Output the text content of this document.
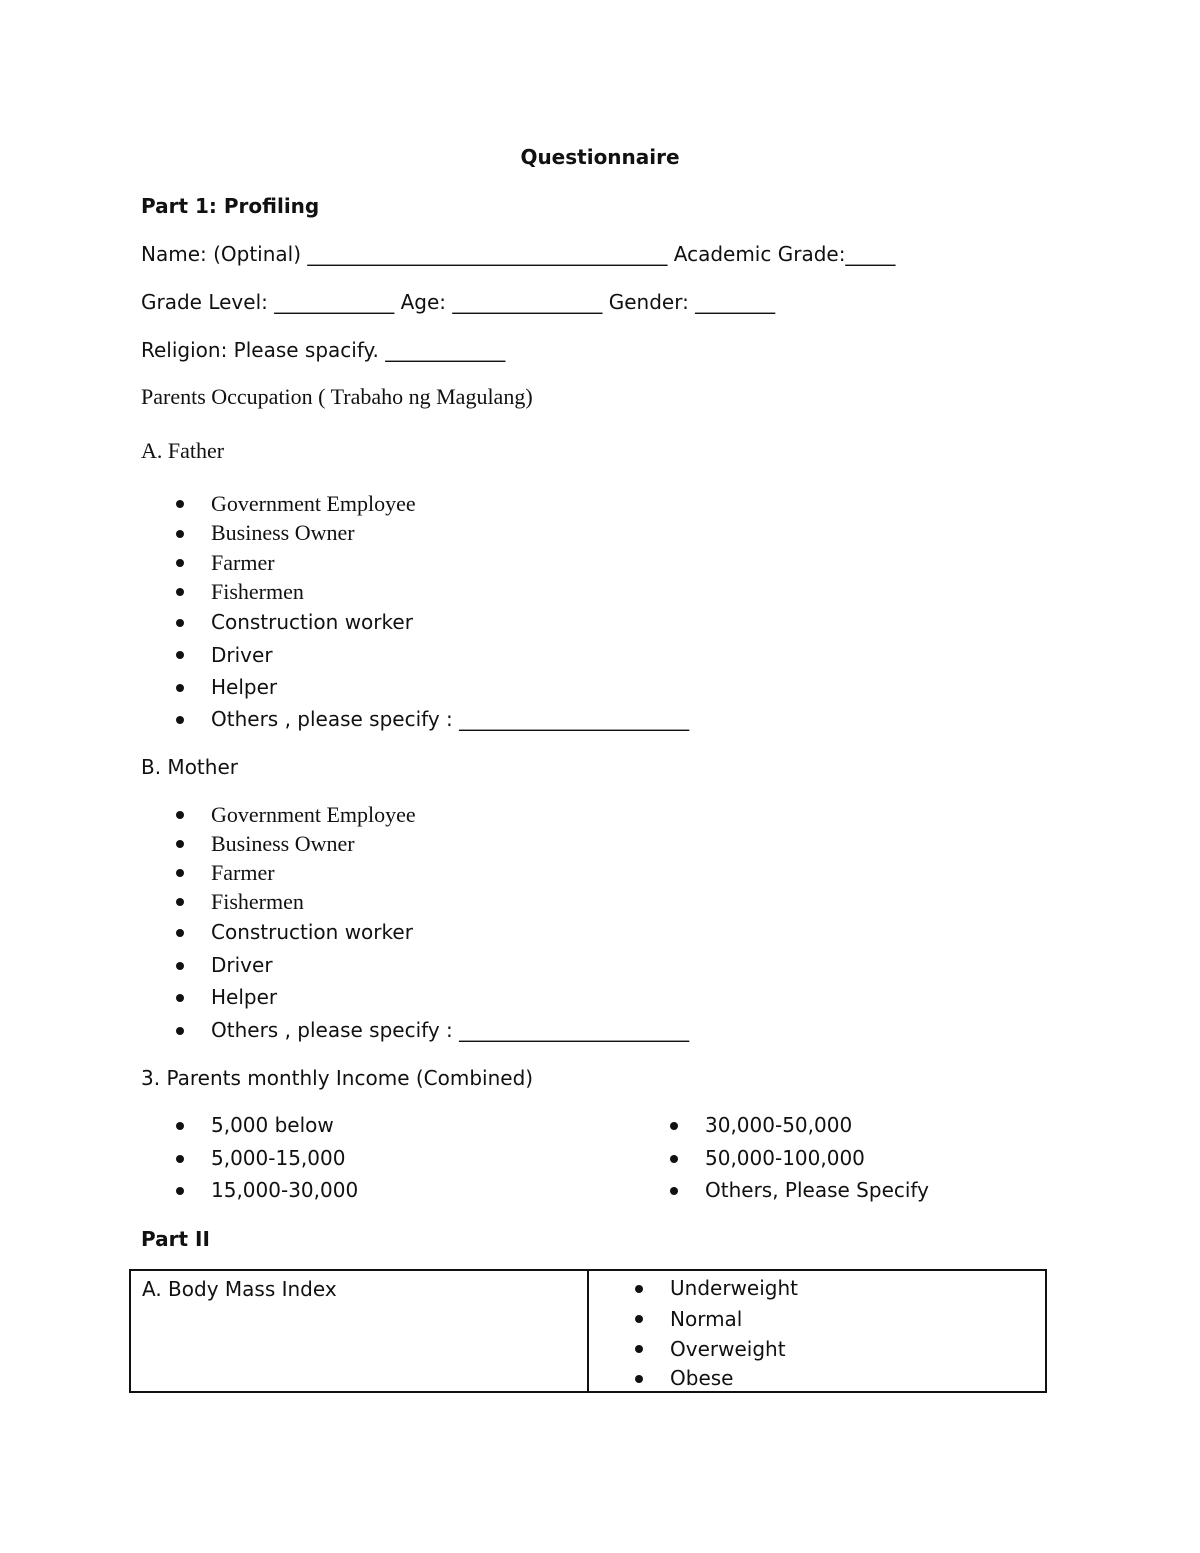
Questionnaire
Part 1: Profiling
Name: (Optinal) ____________________________________ Academic Grade:_____
Grade Level: ____________ Age: _______________ Gender: ________
Religion: Please spacify. ____________
Parents Occupation ( Trabaho ng Magulang)
A. Father
Government Employee
Business Owner
Farmer
Fishermen
Construction worker
Driver
Helper
Others , please specify : _______________________
B. Mother
Government Employee
Business Owner
Farmer
Fishermen
Construction worker
Driver
Helper
Others , please specify : _______________________
3. Parents monthly Income (Combined)
5,000 below
5,000-15,000
15,000-30,000
30,000-50,000
50,000-100,000
Others, Please Specify
Part II
A. Body Mass Index	Underweight
Normal
Overweight
Obese
